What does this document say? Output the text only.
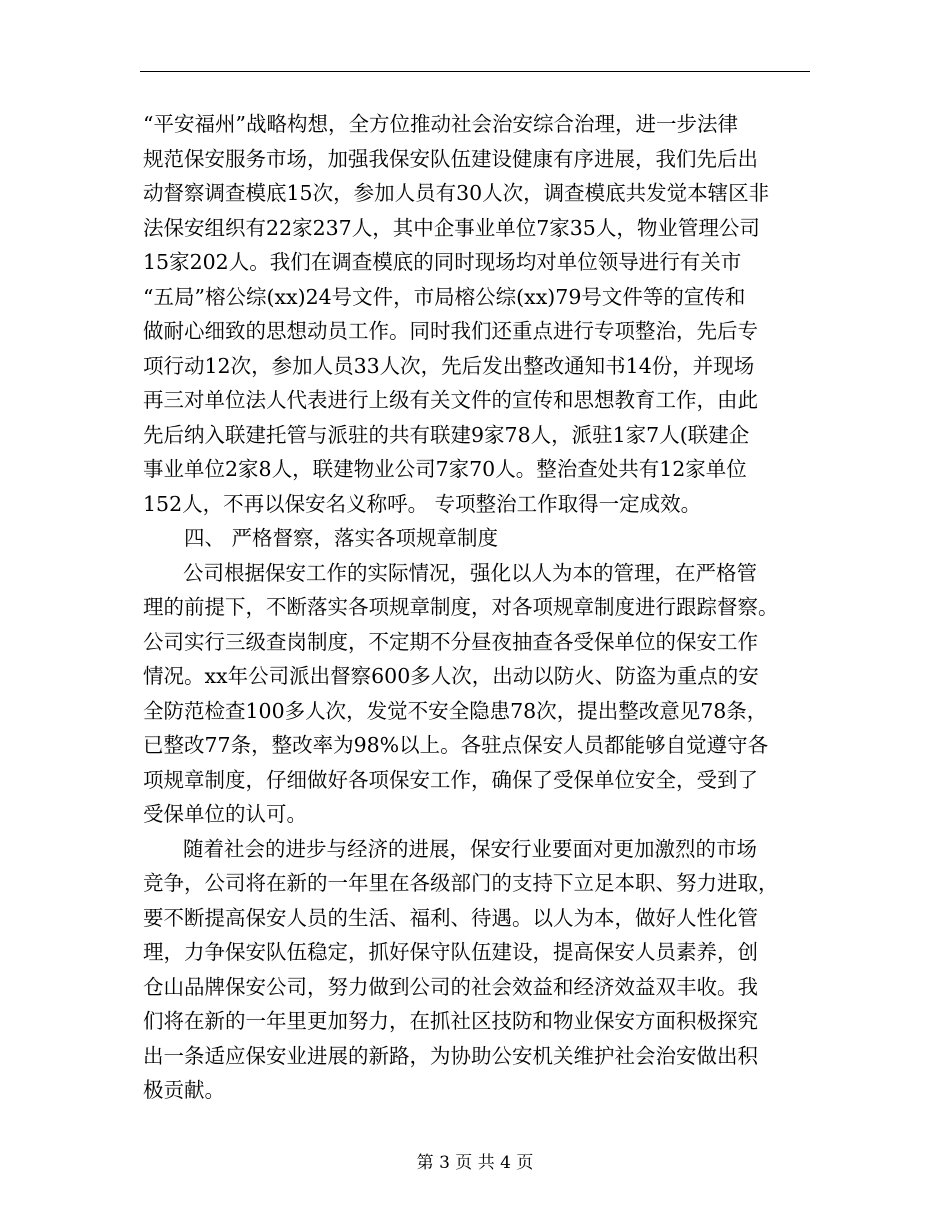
“平安福州”战略构想，全方位推动社会治安综合治理，进一步法律
规范保安服务市场，加强我保安队伍建设健康有序进展，我们先后出
动督察调查模底15次，参加人员有30人次，调查模底共发觉本辖区非
法保安组织有22家237人，其中企事业单位7家35人，物业管理公司
15家202人。我们在调查模底的同时现场均对单位领导进行有关市
“五局”榕公综(xx)24号文件，市局榕公综(xx)79号文件等的宣传和
做耐心细致的思想动员工作。同时我们还重点进行专项整治，先后专
项行动12次，参加人员33人次，先后发出整改通知书14份，并现场
再三对单位法人代表进行上级有关文件的宣传和思想教育工作，由此
先后纳入联建托管与派驻的共有联建9家78人，派驻1家7人(联建企
事业单位2家8人，联建物业公司7家70人。整治查处共有12家单位
152人，不再以保安名义称呼。 专项整治工作取得一定成效。
四、 严格督察，落实各项规章制度
公司根据保安工作的实际情况，强化以人为本的管理，在严格管
理的前提下，不断落实各项规章制度，对各项规章制度进行跟踪督察。
公司实行三级查岗制度，不定期不分昼夜抽查各受保单位的保安工作
情况。xx年公司派出督察600多人次，出动以防火、防盗为重点的安
全防范检查100多人次，发觉不安全隐患78次，提出整改意见78条，
已整改77条，整改率为98%以上。各驻点保安人员都能够自觉遵守各
项规章制度，仔细做好各项保安工作，确保了受保单位安全，受到了
受保单位的认可。
随着社会的进步与经济的进展，保安行业要面对更加激烈的市场
竞争，公司将在新的一年里在各级部门的支持下立足本职、努力进取，
要不断提高保安人员的生活、福利、待遇。以人为本，做好人性化管
理，力争保安队伍稳定，抓好保守队伍建设，提高保安人员素养，创
仓山品牌保安公司，努力做到公司的社会效益和经济效益双丰收。我
们将在新的一年里更加努力，在抓社区技防和物业保安方面积极探究
出一条适应保安业进展的新路，为协助公安机关维护社会治安做出积
极贡献。
第 3 页 共 4 页
